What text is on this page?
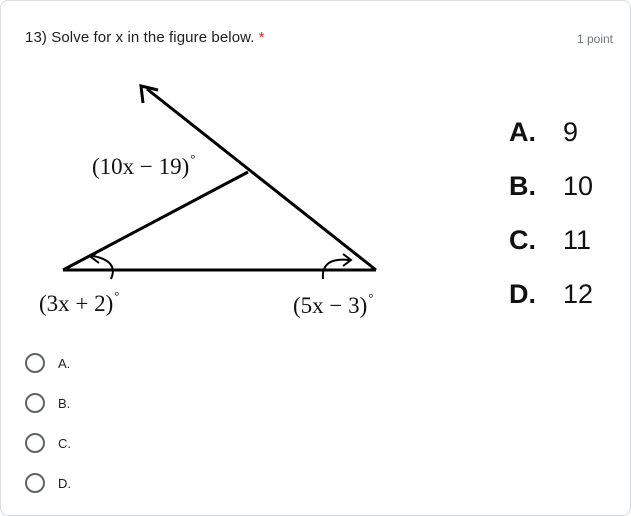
13) Solve for x in the figure below. *	1 point
(10x − 19)°
(3x + 2)°	(5x − 3)°
A. 9
B. 10
C. 11
D. 12
A.
B.
C.
D.
